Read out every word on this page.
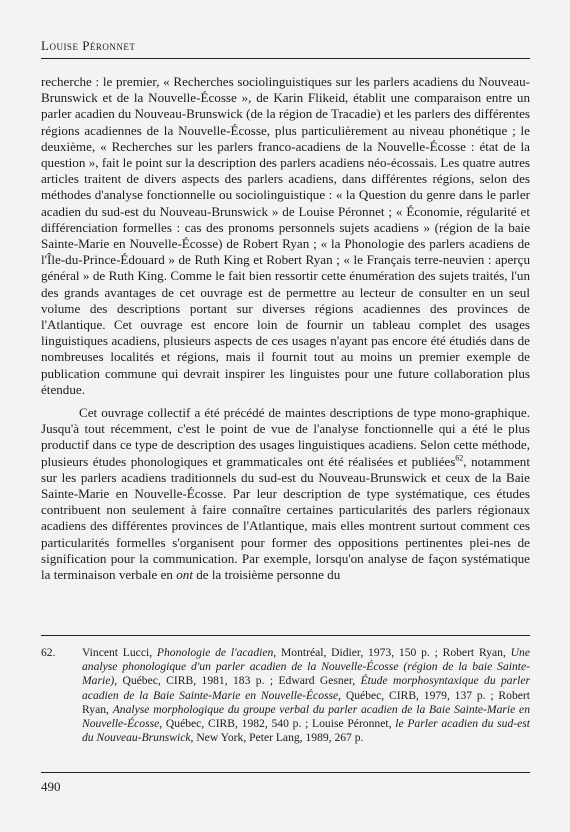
Louise Péronnet

recherche : le premier, « Recherches sociolinguistiques sur les parlers acadiens du Nouveau-Brunswick et de la Nouvelle-Écosse », de Karin Flikeid, établit une comparaison entre un parler acadien du Nouveau-Brunswick (de la région de Tracadie) et les parlers des différentes régions acadiennes de la Nouvelle-Écosse, plus particulièrement au niveau phonétique ; le deuxième, « Recherches sur les parlers franco-acadiens de la Nouvelle-Écosse : état de la question », fait le point sur la description des parlers acadiens néo-écossais. Les quatre autres articles traitent de divers aspects des parlers acadiens, dans différentes régions, selon des méthodes d'analyse fonctionnelle ou sociolinguistique : « la Question du genre dans le parler acadien du sud-est du Nouveau-Brunswick » de Louise Péronnet ; « Économie, régularité et différenciation formelles : cas des pronoms personnels sujets acadiens » (région de la baie Sainte-Marie en Nouvelle-Écosse) de Robert Ryan ; « la Phonologie des parlers acadiens de l'Île-du-Prince-Édouard » de Ruth King et Robert Ryan ; « le Français terre-neuvien : aperçu général » de Ruth King. Comme le fait bien ressortir cette énumération des sujets traités, l'un des grands avantages de cet ouvrage est de permettre au lecteur de consulter en un seul volume des descriptions portant sur diverses régions acadiennes des provinces de l'Atlantique. Cet ouvrage est encore loin de fournir un tableau complet des usages linguistiques acadiens, plusieurs aspects de ces usages n'ayant pas encore été étudiés dans de nombreuses localités et régions, mais il fournit tout au moins un premier exemple de publication commune qui devrait inspirer les linguistes pour une future collaboration plus étendue.

Cet ouvrage collectif a été précédé de maintes descriptions de type mono-graphique. Jusqu'à tout récemment, c'est le point de vue de l'analyse fonctionnelle qui a été le plus productif dans ce type de description des usages linguistiques acadiens. Selon cette méthode, plusieurs études phonologiques et grammaticales ont été réalisées et publiées$^{62}$, notamment sur les parlers acadiens traditionnels du sud-est du Nouveau-Brunswick et ceux de la Baie Sainte-Marie en Nouvelle-Écosse. Par leur description de type systématique, ces études contribuent non seulement à faire connaître certaines particularités des parlers régionaux acadiens des différentes provinces de l'Atlantique, mais elles montrent surtout comment ces particularités formelles s'organisent pour former des oppositions pertinentes plei-nes de signification pour la communication. Par exemple, lorsqu'on analyse de façon systématique la terminaison verbale en ont de la troisième personne du

62.	Vincent Lucci, Phonologie de l'acadien, Montréal, Didier, 1973, 150 p. ; Robert Ryan, Une analyse phonologique d'un parler acadien de la Nouvelle-Écosse (région de la baie Sainte-Marie), Québec, CIRB, 1981, 183 p. ; Edward Gesner, Étude morphosyntaxique du parler acadien de la Baie Sainte-Marie en Nouvelle-Écosse, Québec, CIRB, 1979, 137 p. ; Robert Ryan, Analyse morphologique du groupe verbal du parler acadien de la Baie Sainte-Marie en Nouvelle-Écosse, Québec, CIRB, 1982, 540 p. ; Louise Péronnet, le Parler acadien du sud-est du Nouveau-Brunswick, New York, Peter Lang, 1989, 267 p.
490
